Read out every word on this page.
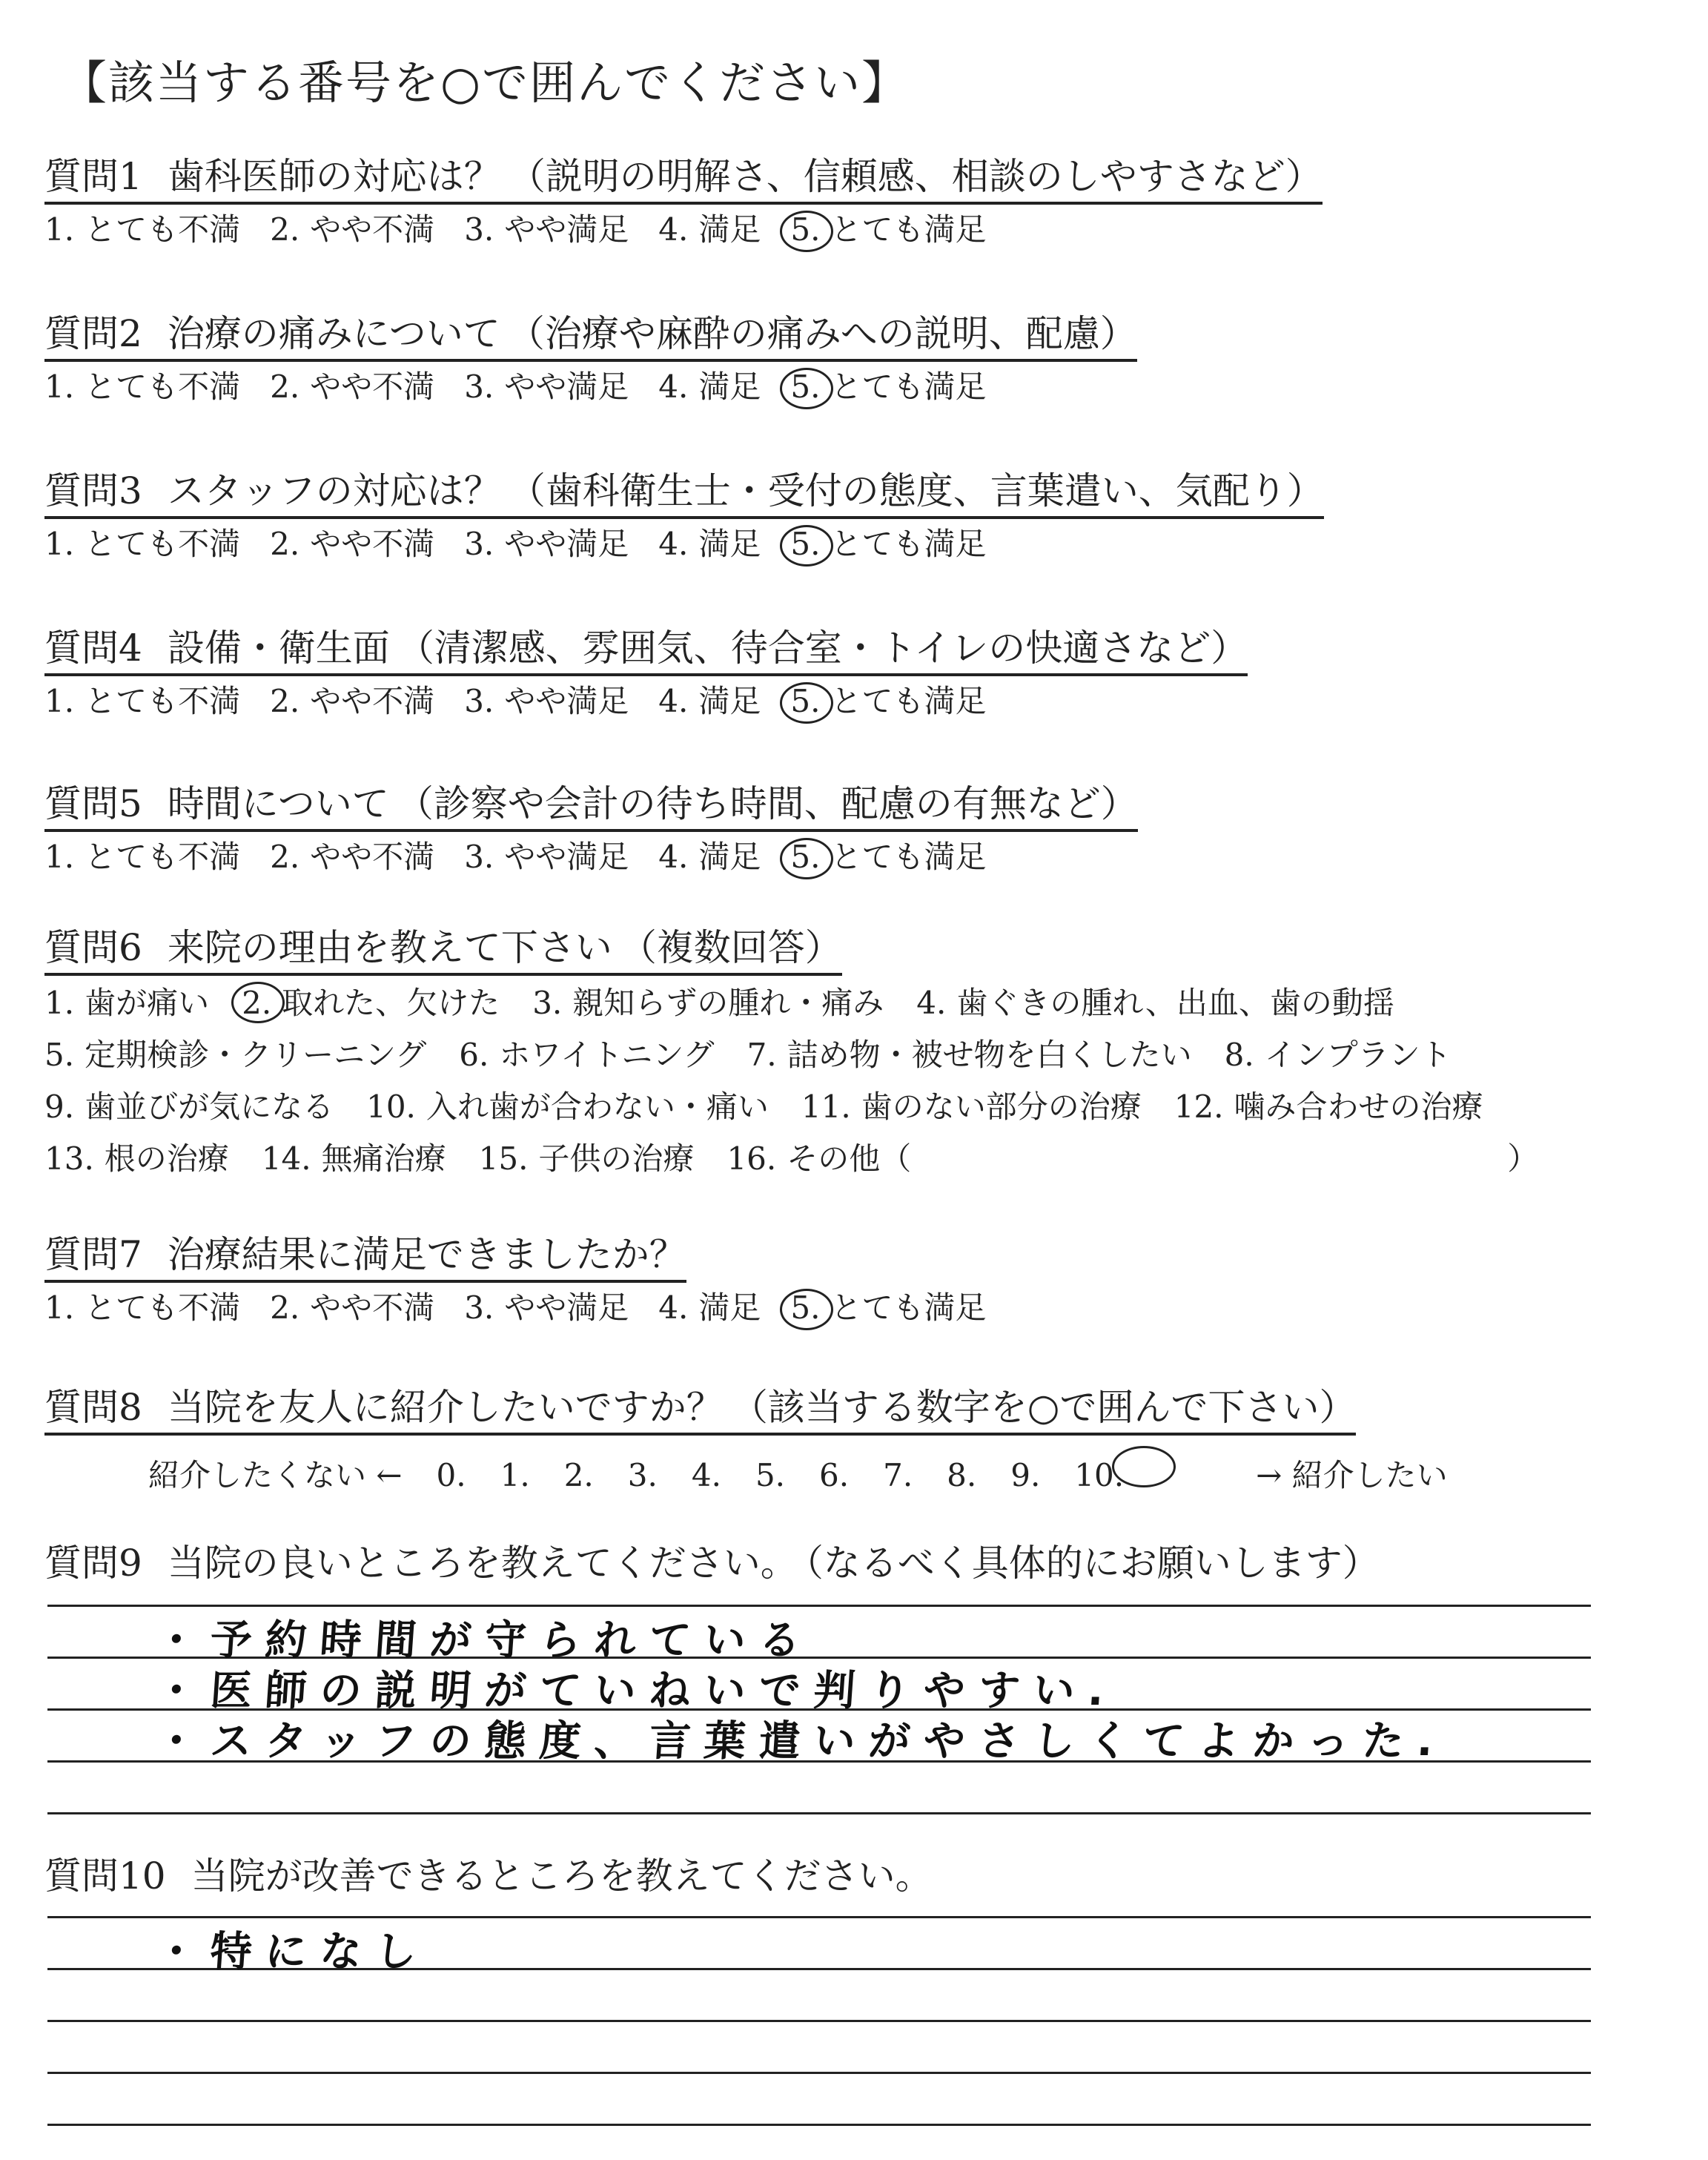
【該当する番号を○で囲んでください】
質問1 歯科医師の対応は？ （説明の明解さ、信頼感、相談のしやすさなど）
1. とても不満 2. やや不満 3. やや満足 4. 満足 5. とても満足
質問2 治療の痛みについて （治療や麻酔の痛みへの説明、配慮）
1. とても不満 2. やや不満 3. やや満足 4. 満足 5. とても満足
質問3 スタッフの対応は？ （歯科衛生士・受付の態度、言葉遣い、気配り）
1. とても不満 2. やや不満 3. やや満足 4. 満足 5. とても満足
質問4 設備・衛生面 （清潔感、雰囲気、待合室・トイレの快適さなど）
1. とても不満 2. やや不満 3. やや満足 4. 満足 5. とても満足
質問5 時間について （診察や会計の待ち時間、配慮の有無など）
1. とても不満 2. やや不満 3. やや満足 4. 満足 5. とても満足
質問6 来院の理由を教えて下さい （複数回答）
1. 歯が痛い 2. 取れた、欠けた 3. 親知らずの腫れ・痛み 4. 歯ぐきの腫れ、出血、歯の動揺
5. 定期検診・クリーニング 6. ホワイトニング 7. 詰め物・被せ物を白くしたい 8. インプラント
9. 歯並びが気になる 10. 入れ歯が合わない・痛い 11. 歯のない部分の治療 12. 噛み合わせの治療
13. 根の治療 14. 無痛治療 15. 子供の治療 16. その他（	）
質問7 治療結果に満足できましたか？
1. とても不満 2. やや不満 3. やや満足 4. 満足 5. とても満足
質問8 当院を友人に紹介したいですか？ （該当する数字を○で囲んで下さい）
紹介したくない ← 0. 1. 2. 3. 4. 5. 6. 7. 8. 9. 10.	→ 紹介したい
質問9 当院の良いところを教えてください。 （なるべく具体的にお願いします）
・予約時間が守られている
・医師の説明がていねいで判りやすい.
・スタッフの態度、言葉遣いがやさしくてよかった.
質問10 当院が改善できるところを教えてください。
・特になし
